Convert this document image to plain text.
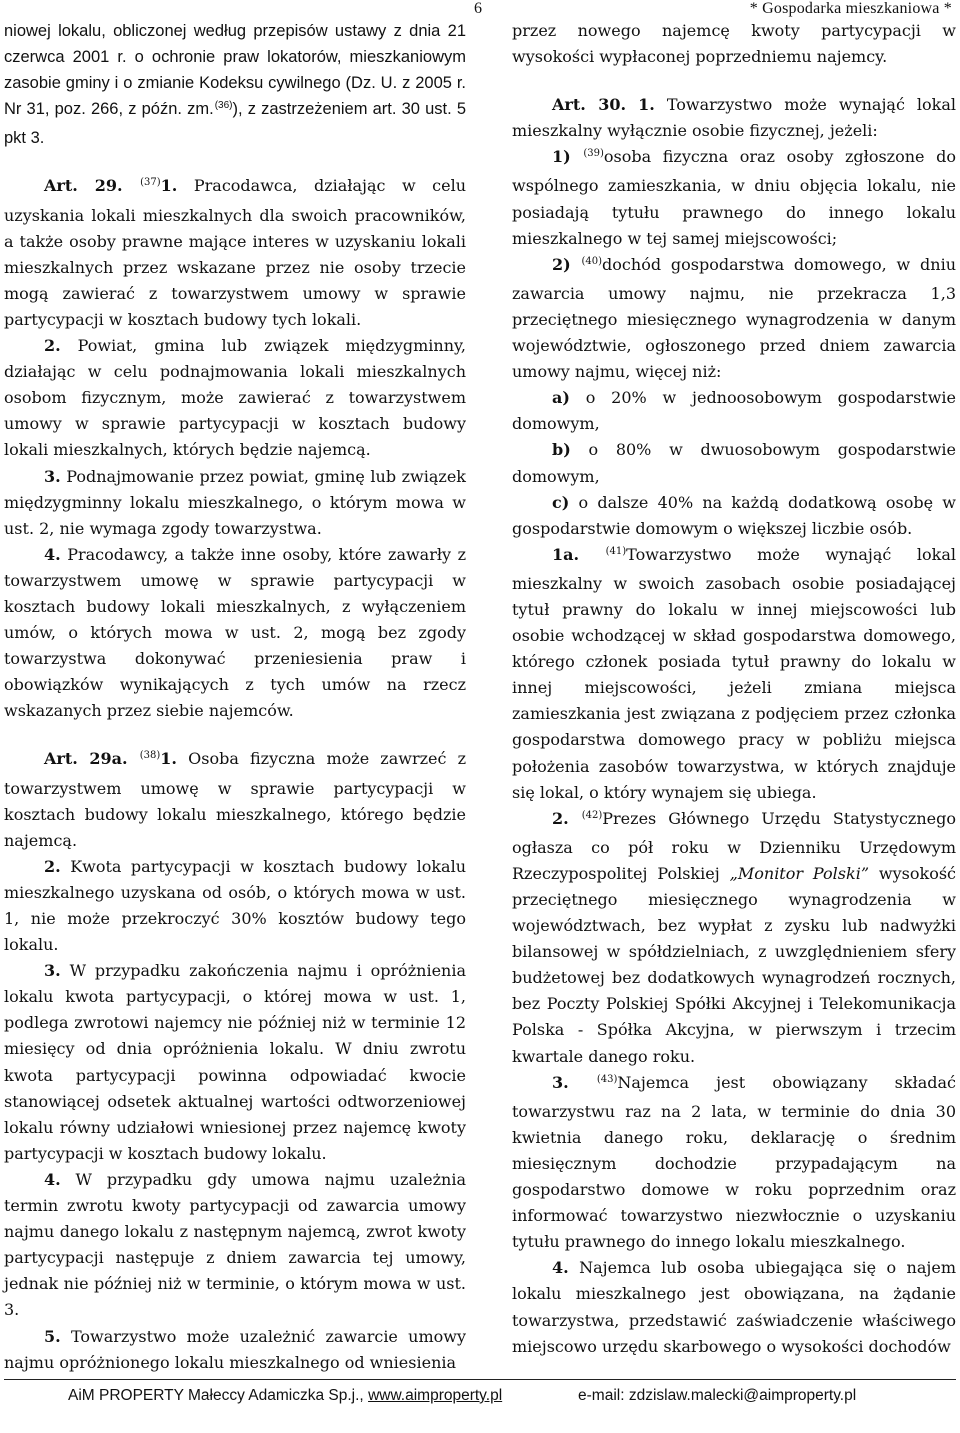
6	* Gospodarka mieszkaniowa *

niowej lokalu, obliczonej według przepisów ustawy z dnia 21 czerwca 2001 r. o ochronie praw lokatorów, mieszkaniowym zasobie gminy i o zmianie Kodeksu cywilnego (Dz. U. z 2005 r. Nr 31, poz. 266, z późn. zm.$^{(36)}$), z zastrzeżeniem art. 30 ust. 5 pkt 3.

Art. 29. $^{(37)}$1. Pracodawca, działając w celu uzyskania lokali mieszkalnych dla swoich pracowników, a także osoby prawne mające interes w uzyskaniu lokali mieszkalnych przez wskazane przez nie osoby trzecie mogą zawierać z towarzystwem umowy w sprawie partycypacji w kosztach budowy tych lokali.

2. Powiat, gmina lub związek międzygminny, działając w celu podnajmowania lokali mieszkalnych osobom fizycznym, może zawierać z towarzystwem umowy w sprawie partycypacji w kosztach budowy lokali mieszkalnych, których będzie najemcą.

3. Podnajmowanie przez powiat, gminę lub związek międzygminny lokalu mieszkalnego, o którym mowa w ust. 2, nie wymaga zgody towarzystwa.

4. Pracodawcy, a także inne osoby, które zawarły z towarzystwem umowę w sprawie partycypacji w kosztach budowy lokali mieszkalnych, z wyłączeniem umów, o których mowa w ust. 2, mogą bez zgody towarzystwa dokonywać przeniesienia praw i obowiązków wynikających z tych umów na rzecz wskazanych przez siebie najemców.

Art. 29a. $^{(38)}$1. Osoba fizyczna może zawrzeć z towarzystwem umowę w sprawie partycypacji w kosztach budowy lokalu mieszkalnego, którego będzie najemcą.

2. Kwota partycypacji w kosztach budowy lokalu mieszkalnego uzyskana od osób, o których mowa w ust. 1, nie może przekroczyć 30% kosztów budowy tego lokalu.

3. W przypadku zakończenia najmu i opróżnienia lokalu kwota partycypacji, o której mowa w ust. 1, podlega zwrotowi najemcy nie później niż w terminie 12 miesięcy od dnia opróżnienia lokalu. W dniu zwrotu kwota partycypacji powinna odpowiadać kwocie stanowiącej odsetek aktualnej wartości odtworzeniowej lokalu równy udziałowi wniesionej przez najemcę kwoty partycypacji w kosztach budowy lokalu.

4. W przypadku gdy umowa najmu uzależnia termin zwrotu kwoty partycypacji od zawarcia umowy najmu danego lokalu z następnym najemcą, zwrot kwoty partycypacji następuje z dniem zawarcia tej umowy, jednak nie później niż w terminie, o którym mowa w ust. 3.

5. Towarzystwo może uzależnić zawarcie umowy najmu opróżnionego lokalu mieszkalnego od wniesienia

przez nowego najemcę kwoty partycypacji w wysokości wypłaconej poprzedniemu najemcy.

Art. 30. 1. Towarzystwo może wynająć lokal mieszkalny wyłącznie osobie fizycznej, jeżeli:

1) $^{(39)}$osoba fizyczna oraz osoby zgłoszone do wspólnego zamieszkania, w dniu objęcia lokalu, nie posiadają tytułu prawnego do innego lokalu mieszkalnego w tej samej miejscowości;

2) $^{(40)}$dochód gospodarstwa domowego, w dniu zawarcia umowy najmu, nie przekracza 1,3 przeciętnego miesięcznego wynagrodzenia w danym województwie, ogłoszonego przed dniem zawarcia umowy najmu, więcej niż:

a) o 20% w jednoosobowym gospodarstwie domowym,

b) o 80% w dwuosobowym gospodarstwie domowym,

c) o dalsze 40% na każdą dodatkową osobę w gospodarstwie domowym o większej liczbie osób.

1a.	$^{(41)}$Towarzystwo może wynająć lokal mieszkalny w swoich zasobach osobie posiadającej tytuł prawny do lokalu w innej miejscowości lub osobie wchodzącej w skład gospodarstwa domowego, którego członek posiada tytuł prawny do lokalu w innej miejscowości, jeżeli zmiana miejsca zamieszkania jest związana z podjęciem przez członka gospodarstwa domowego pracy w pobliżu miejsca położenia zasobów towarzystwa, w których znajduje się lokal, o który wynajem się ubiega.

2. $^{(42)}$Prezes Głównego Urzędu Statystycznego ogłasza co pół roku w Dzienniku Urzędowym Rzeczypospolitej Polskiej „Monitor Polski” wysokość przeciętnego miesięcznego wynagrodzenia w województwach, bez wypłat z zysku lub nadwyżki bilansowej w spółdzielniach, z uwzględnieniem sfery budżetowej bez dodatkowych wynagrodzeń rocznych, bez Poczty Polskiej Spółki Akcyjnej i Telekomunikacja Polska - Spółka Akcyjna, w pierwszym i trzecim kwartale danego roku.

3.	$^{(43)}$Najemca jest obowiązany składać towarzystwu raz na 2 lata, w terminie do dnia 30 kwietnia danego roku, deklarację o średnim miesięcznym dochodzie przypadającym na gospodarstwo domowe w roku poprzednim oraz informować towarzystwo niezwłocznie o uzyskaniu tytułu prawnego do innego lokalu mieszkalnego.

4. Najemca lub osoba ubiegająca się o najem lokalu mieszkalnego jest obowiązana, na żądanie towarzystwa, przedstawić zaświadczenie właściwego miejscowo urzędu skarbowego o wysokości dochodów

AiM PROPERTY Małeccy Adamiczka Sp.j., www.aimproperty.pl	e-mail: zdzislaw.malecki@aimproperty.pl
